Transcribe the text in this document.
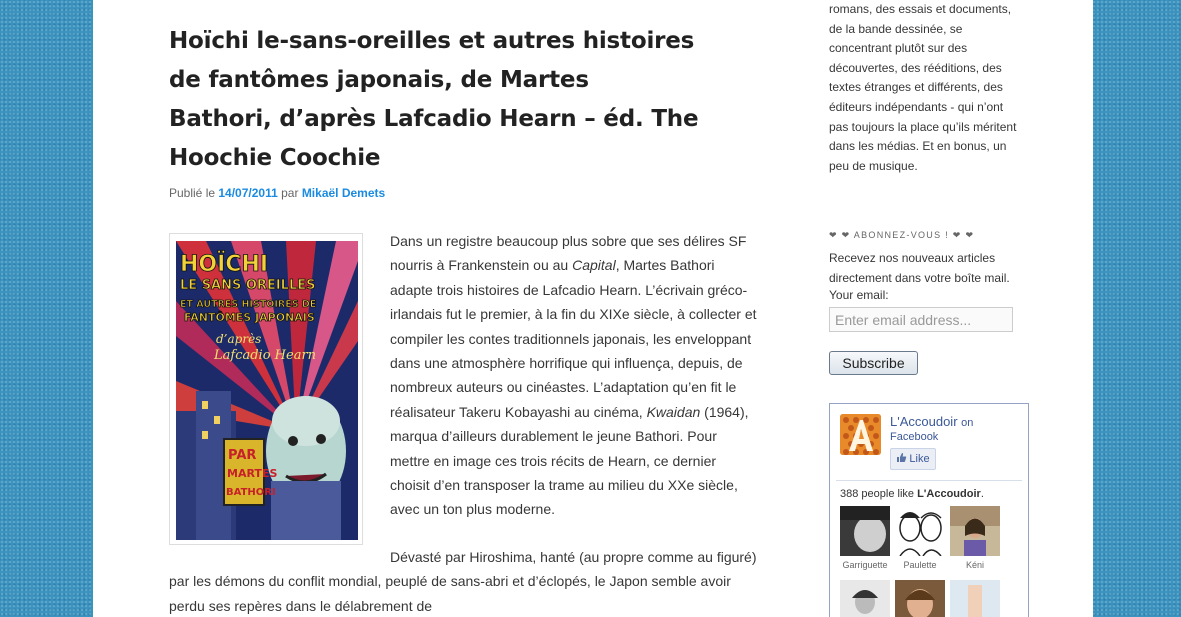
Hoïchi le-sans-oreilles et autres histoires de fantômes japonais, de Martes Bathori, d’après Lafcadio Hearn – éd. The Hoochie Coochie
Publié le 14/07/2011 par Mikaël Demets
HOÏCHI
LE SANS OREILLES
ET AUTRES HISTOIRES DE
FANTÔMES JAPONAIS
d’après
Lafcadio Hearn
PAR
MARTES
BATHORI

Dans un registre beaucoup plus sobre que ses délires SF nourris à Frankenstein ou au Capital, Martes Bathori adapte trois histoires de Lafcadio Hearn. L’écrivain gréco-irlandais fut le premier, à la fin du XIXe siècle, à collecter et compiler les contes traditionnels japonais, les enveloppant dans une atmosphère horrifique qui influença, depuis, de nombreux auteurs ou cinéastes. L’adaptation qu’en fit le réalisateur Takeru Kobayashi au cinéma, Kwaidan (1964), marqua d’ailleurs durablement le jeune Bathori. Pour mettre en image ces trois récits de Hearn, ce dernier choisit d’en transposer la trame au milieu du XXe siècle, avec un ton plus moderne.

Dévasté par Hiroshima, hanté (au propre comme au figuré) par les démons du conflit mondial, peuplé de sans-abri et d’éclopés, le Japon semble avoir perdu ses repères dans le délabrement de

romans, des essais et documents, de la bande dessinée, se concentrant plutôt sur des découvertes, des rééditions, des textes étranges et différents, des éditeurs indépendants - qui n’ont pas toujours la place qu’ils méritent dans les médias. Et en bonus, un peu de musique.

❤ ❤ ABONNEZ-VOUS ! ❤ ❤

Recevez nos nouveaux articles directement dans votre boîte mail.

Your email:
Enter email address...
Subscribe
L'Accoudoir on
Facebook
Like
388 people like L'Accoudoir.
Garriguette	Paulette	Kéni
